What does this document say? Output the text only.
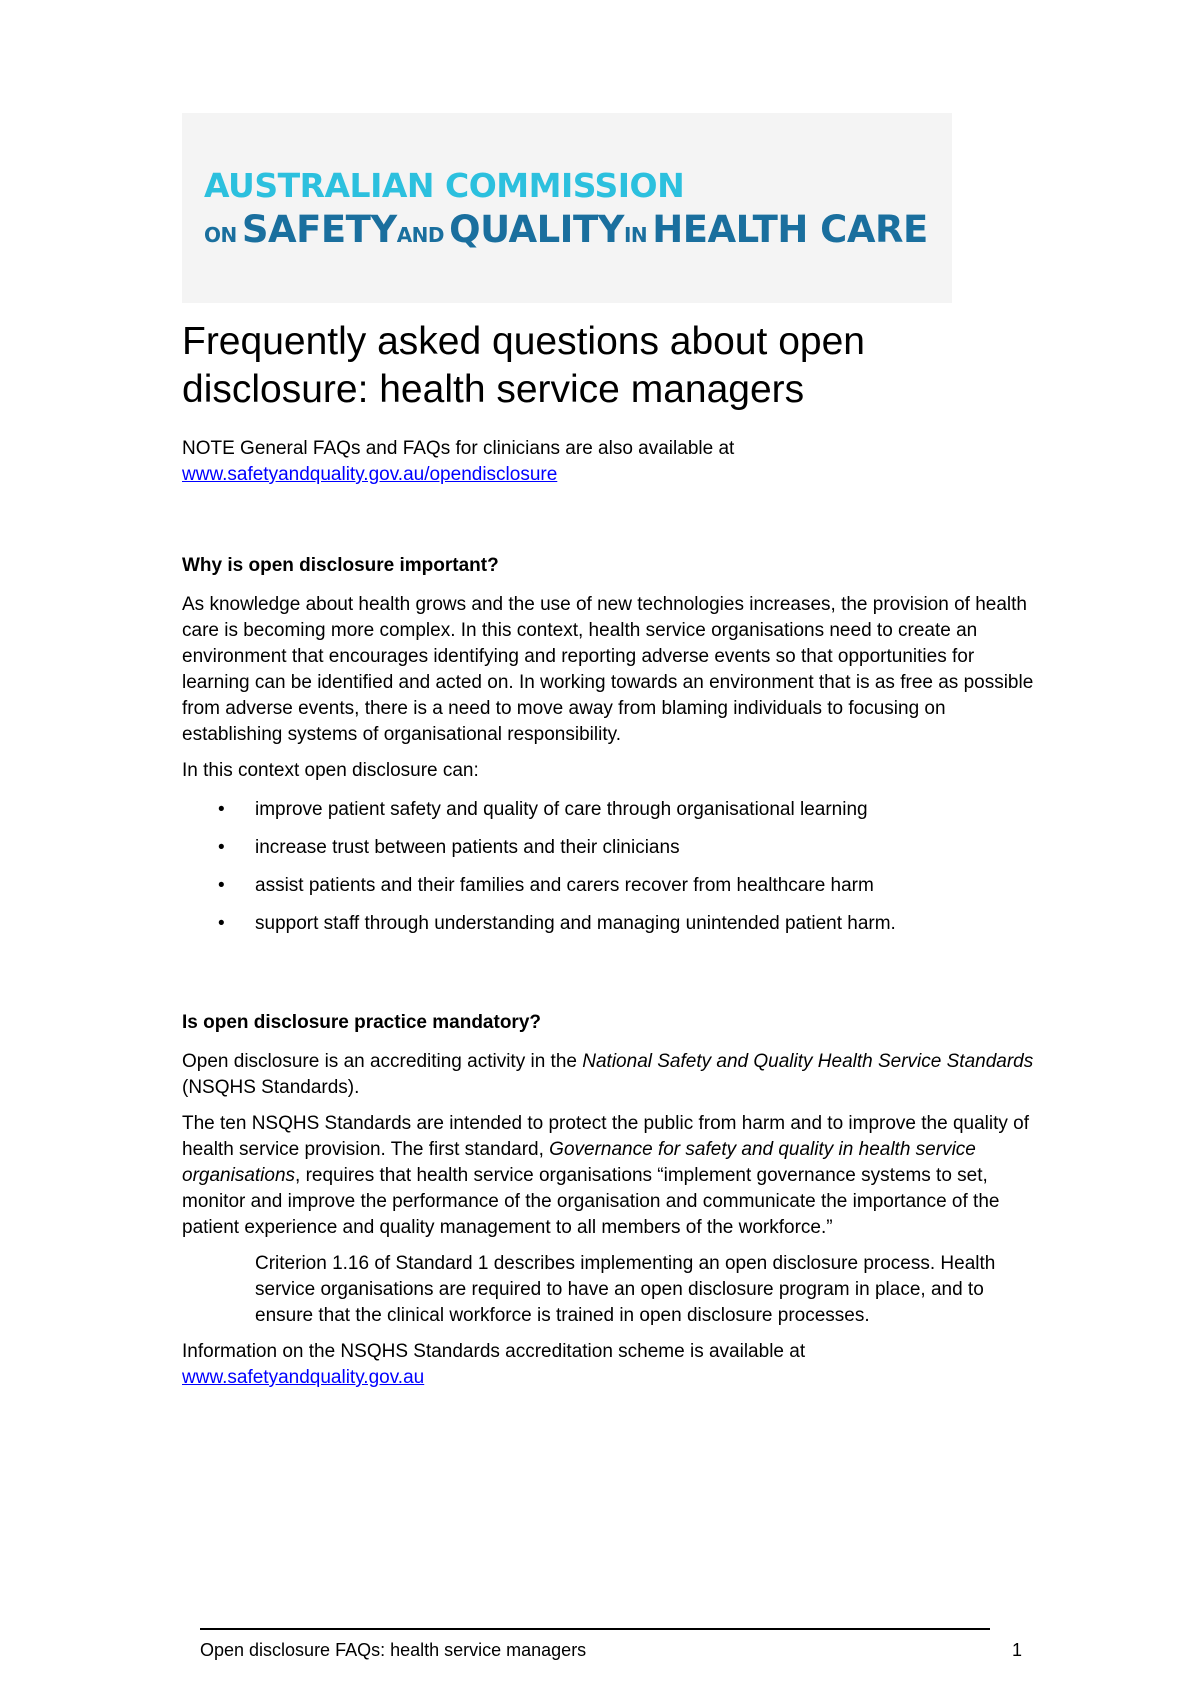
AUSTRALIAN COMMISSION
ON SAFETYAND QUALITYIN HEALTH CARE
Frequently asked questions about open
disclosure: health service managers

NOTE General FAQs and FAQs for clinicians are also available at

www.safetyandquality.gov.au/opendisclosure

Why is open disclosure important?

As knowledge about health grows and the use of new technologies increases, the provision of health care is becoming more complex. In this context, health service organisations need to create an environment that encourages identifying and reporting adverse events so that opportunities for learning can be identified and acted on. In working towards an environment that is as free as possible from adverse events, there is a need to move away from blaming individuals to focusing on establishing systems of organisational responsibility.

In this context open disclosure can:

• improve patient safety and quality of care through organisational learning
• increase trust between patients and their clinicians
• assist patients and their families and carers recover from healthcare harm
• support staff through understanding and managing unintended patient harm.
Is open disclosure practice mandatory?

Open disclosure is an accrediting activity in the National Safety and Quality Health Service Standards (NSQHS Standards).

The ten NSQHS Standards are intended to protect the public from harm and to improve the quality of health service provision. The first standard, Governance for safety and quality in health service organisations, requires that health service organisations “implement governance systems to set, monitor and improve the performance of the organisation and communicate the importance of the patient experience and quality management to all members of the workforce.”

Criterion 1.16 of Standard 1 describes implementing an open disclosure process. Health service organisations are required to have an open disclosure program in place, and to ensure that the clinical workforce is trained in open disclosure processes.

Information on the NSQHS Standards accreditation scheme is available at

www.safetyandquality.gov.au

Open disclosure FAQs: health service managers	1
